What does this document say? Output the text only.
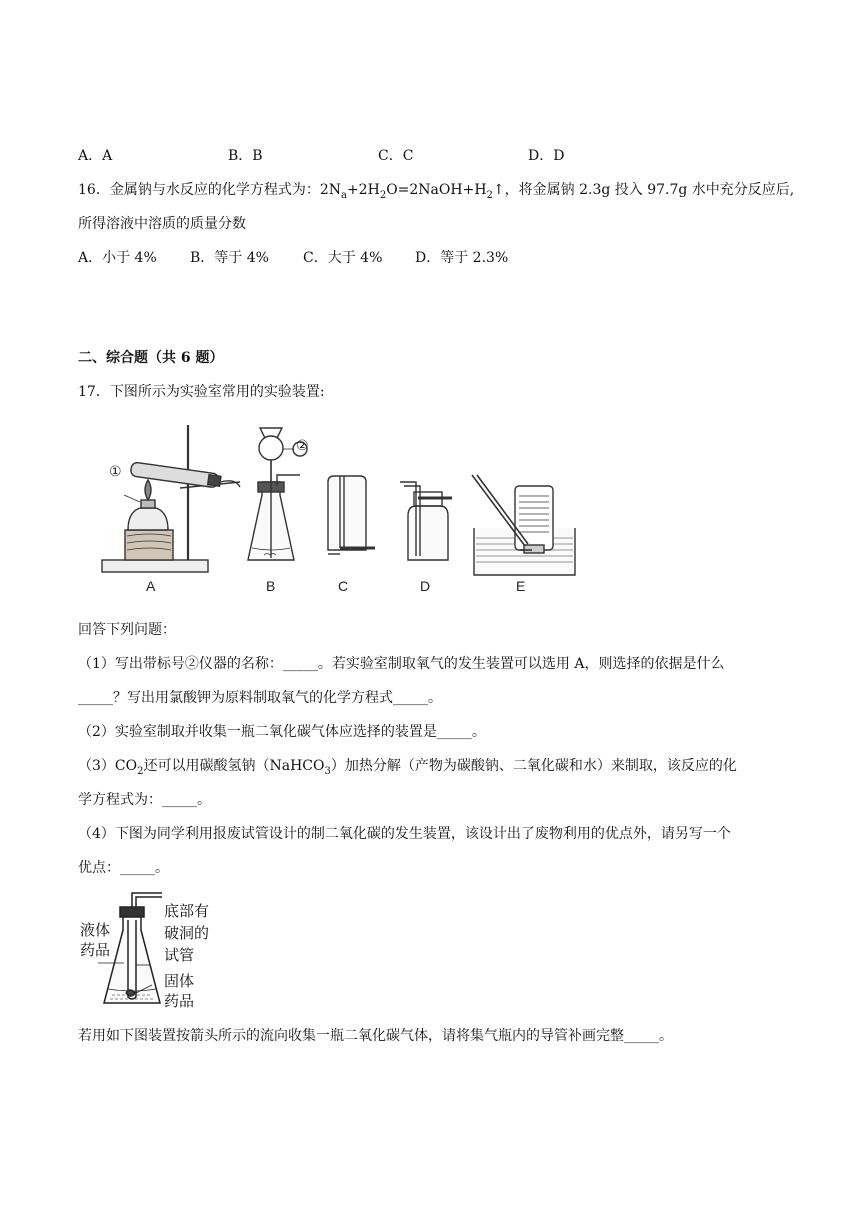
A．A	B．B	C．C	D．D
16．金属钠与水反应的化学方程式为：$2N_a+2H_2O=2NaOH+H_2↑$，将金属钠 2.3g 投入 97.7g 水中充分反应后,
所得溶液中溶质的质量分数
A．小于 4% B．等于 4% C．大于 4% D．等于 2.3%
二、综合题（共 6 题）
17．下图所示为实验室常用的实验装置:
①
②
A	B	C	D	E
回答下列问题：
（1）写出带标号②仪器的名称：_____。若实验室制取氧气的发生装置可以选用 A，则选择的依据是什么
_____？写出用氯酸钾为原料制取氧气的化学方程式_____。
（2）实验室制取并收集一瓶二氧化碳气体应选择的装置是_____。
$(3)CO_2$还可以用碳酸氢钠（NaHCO$_3$）加热分解（产物为碳酸钠、二氧化碳和水）来制取，该反应的化
学方程式为：_____。
（4）下图为同学利用报废试管设计的制二氧化碳的发生装置，该设计出了废物利用的优点外，请另写一个
优点：_____。
液体
药品
底部有
破洞的
试管
固体
药品
若用如下图装置按箭头所示的流向收集一瓶二氧化碳气体，请将集气瓶内的导管补画完整_____。
